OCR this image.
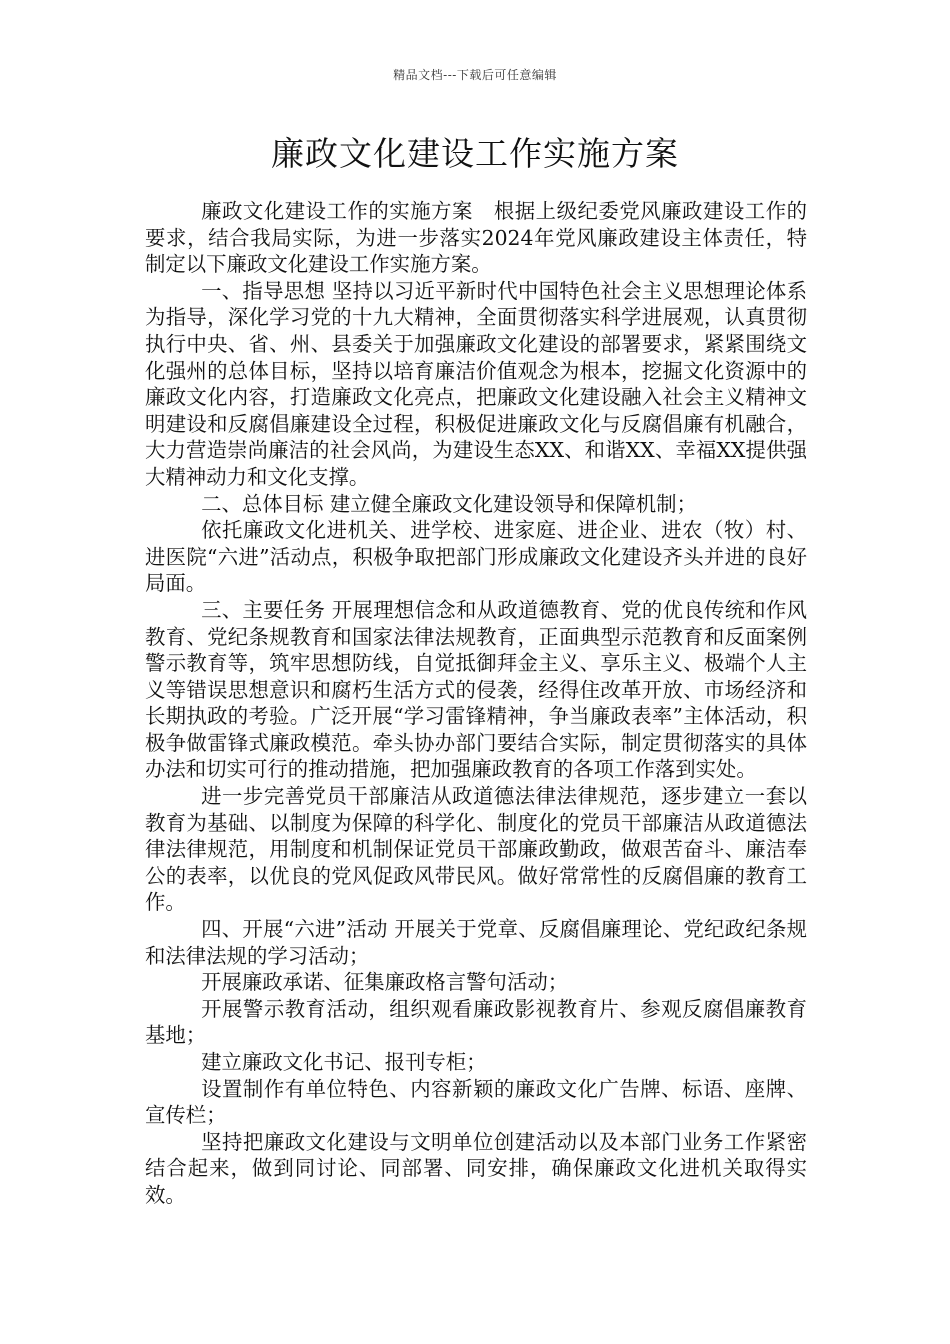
精品文档---下载后可任意编辑
廉政文化建设工作实施方案

廉政文化建设工作的实施方案　根据上级纪委党风廉政建设工作的要求，结合我局实际，为进一步落实2024年党风廉政建设主体责任，特制定以下廉政文化建设工作实施方案。

一、指导思想 坚持以习近平新时代中国特色社会主义思想理论体系为指导，深化学习党的十九大精神，全面贯彻落实科学进展观，认真贯彻执行中央、省、州、县委关于加强廉政文化建设的部署要求，紧紧围绕文化强州的总体目标，坚持以培育廉洁价值观念为根本，挖掘文化资源中的廉政文化内容，打造廉政文化亮点，把廉政文化建设融入社会主义精神文明建设和反腐倡廉建设全过程，积极促进廉政文化与反腐倡廉有机融合，大力营造崇尚廉洁的社会风尚，为建设生态XX、和谐XX、幸福XX提供强大精神动力和文化支撑。

二、总体目标 建立健全廉政文化建设领导和保障机制；

依托廉政文化进机关、进学校、进家庭、进企业、进农（牧）村、进医院“六进”活动点，积极争取把部门形成廉政文化建设齐头并进的良好局面。

三、主要任务 开展理想信念和从政道德教育、党的优良传统和作风教育、党纪条规教育和国家法律法规教育，正面典型示范教育和反面案例警示教育等，筑牢思想防线，自觉抵御拜金主义、享乐主义、极端个人主义等错误思想意识和腐朽生活方式的侵袭，经得住改革开放、市场经济和长期执政的考验。广泛开展“学习雷锋精神，争当廉政表率”主体活动，积极争做雷锋式廉政模范。牵头协办部门要结合实际，制定贯彻落实的具体办法和切实可行的推动措施，把加强廉政教育的各项工作落到实处。

进一步完善党员干部廉洁从政道德法律法律规范，逐步建立一套以教育为基础、以制度为保障的科学化、制度化的党员干部廉洁从政道德法律法律规范，用制度和机制保证党员干部廉政勤政，做艰苦奋斗、廉洁奉公的表率，以优良的党风促政风带民风。做好常常性的反腐倡廉的教育工作。

四、开展“六进”活动 开展关于党章、反腐倡廉理论、党纪政纪条规和法律法规的学习活动；

开展廉政承诺、征集廉政格言警句活动；

开展警示教育活动，组织观看廉政影视教育片、参观反腐倡廉教育基地；

建立廉政文化书记、报刊专柜；

设置制作有单位特色、内容新颖的廉政文化广告牌、标语、座牌、宣传栏；

坚持把廉政文化建设与文明单位创建活动以及本部门业务工作紧密结合起来，做到同讨论、同部署、同安排，确保廉政文化进机关取得实效。
